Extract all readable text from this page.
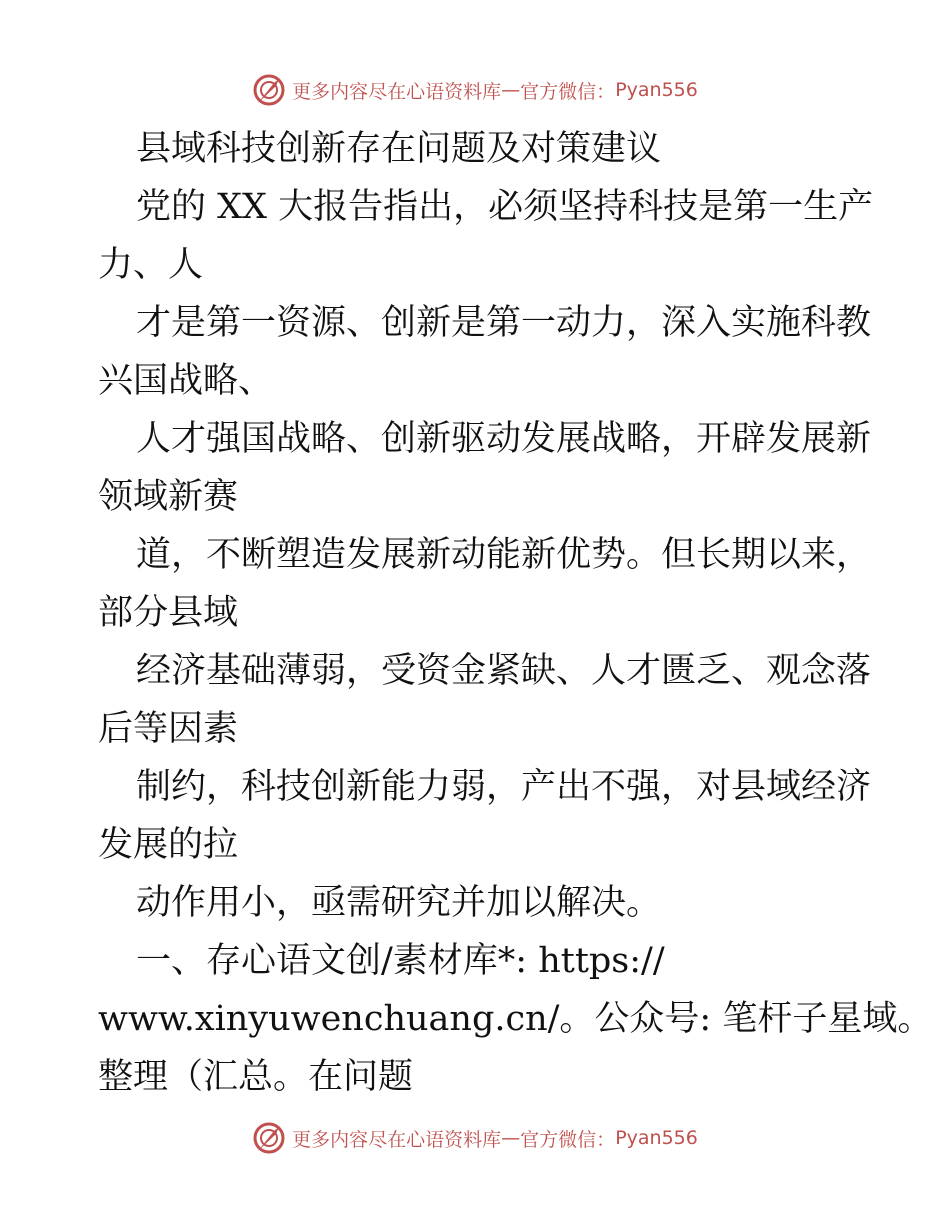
更多内容尽在心语资料库 — 官方微信： Pyan556
县域科技创新存在问题及对策建议
党的 XX 大报告指出，必须坚持科技是第一生产
力、人
才是第一资源、创新是第一动力，深入实施科教
兴国战略、
人才强国战略、创新驱动发展战略，开辟发展新
领域新赛
道，不断塑造发展新动能新优势。但长期以来，
部分县域
经济基础薄弱，受资金紧缺、人才匮乏、观念落
后等因素
制约，科技创新能力弱，产出不强，对县域经济
发展的拉
动作用小，亟需研究并加以解决。
一、存心语文创/素材库*: https://
www.xinyuwenchuang.cn/。公众号: 笔杆子星域。
整理（汇总。在问题
更多内容尽在心语资料库 — 官方微信： Pyan556
